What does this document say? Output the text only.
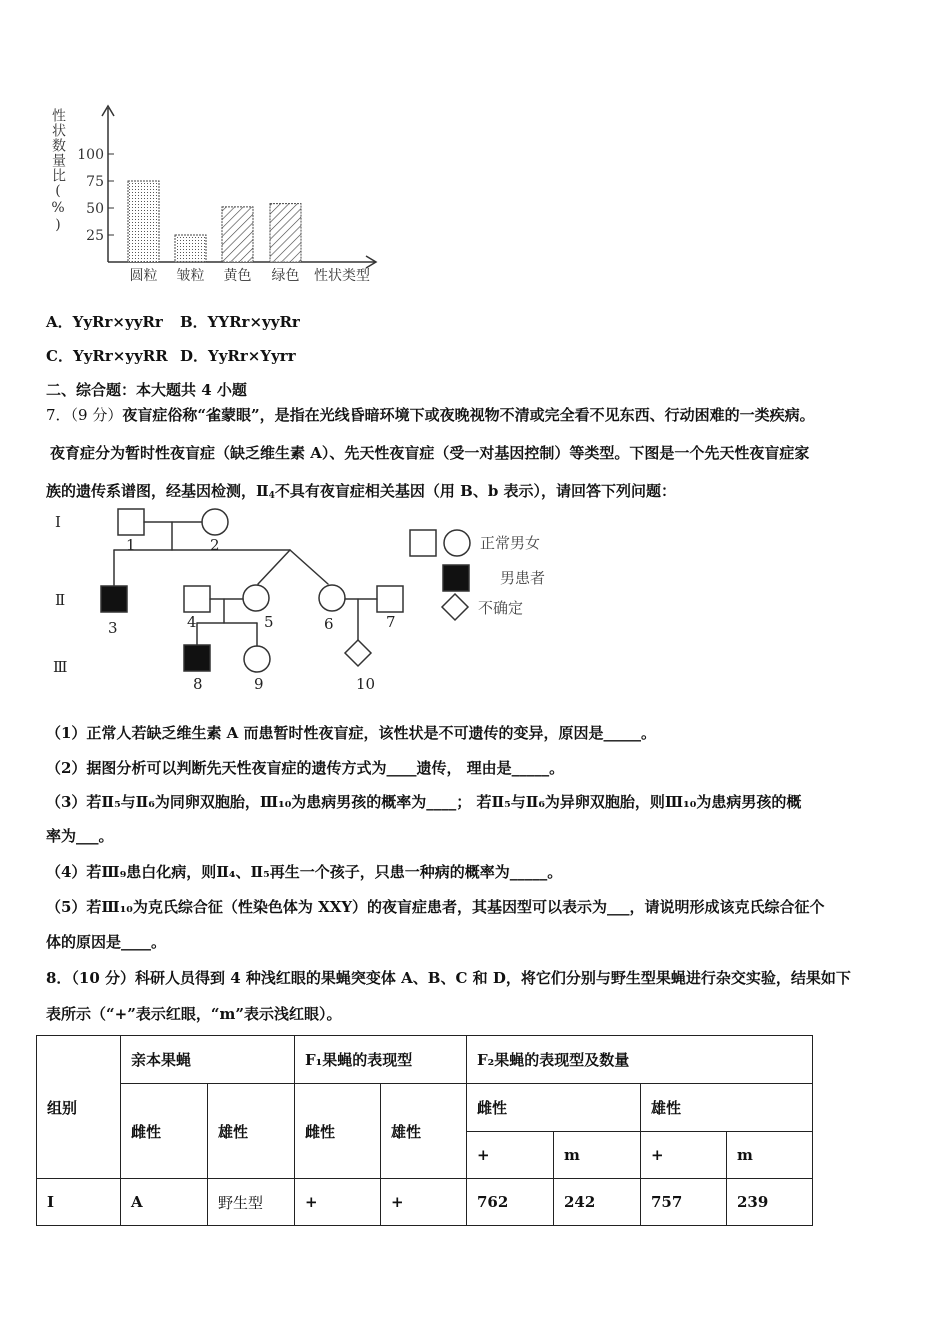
25
50
75
100
圆粒 皱粒 黄色 绿色 性状类型
性状数量比(%)
A．YyRr×yyRr B．YYRr×yyRr
C．YyRr×yyRR D．YyRr×Yyrr
二、综合题：本大题共 4 小题
7．（9 分）夜盲症俗称“雀蒙眼”，是指在光线昏暗环境下或夜晚视物不清或完全看不见东西、行动困难的一类疾病。
夜育症分为暂时性夜盲症（缺乏维生素 A）、先天性夜盲症（受一对基因控制）等类型。下图是一个先天性夜盲症家
族的遗传系谱图，经基因检测，$Ⅱ_4$不具有夜盲症相关基因（用 B、b 表示），请回答下列问题：
Ⅰ
Ⅱ
Ⅲ
1	2
3	4	5	6	7
8	9	10
正常男女
男患者
不确定
（1）正常人若缺乏维生素 A 而患暂时性夜盲症，该性状是不可遗传的变异，原因是_____。
（2）据图分析可以判断先天性夜盲症的遗传方式为____遗传， 理由是_____。
（3）若Ⅱ₅与Ⅱ₆为同卵双胞胎，Ⅲ₁₀为患病男孩的概率为____； 若Ⅱ₅与Ⅱ₆为异卵双胞胎，则Ⅲ₁₀为患病男孩的概
率为___。
（4）若Ⅲ₉患白化病，则Ⅱ₄、Ⅱ₅再生一个孩子，只患一种病的概率为_____。
（5）若Ⅲ₁₀为克氏综合征（性染色体为 XXY）的夜盲症患者，其基因型可以表示为___，请说明形成该克氏综合征个
体的原因是____。
8．（10 分）科研人员得到 4 种浅红眼的果蝇突变体 A、B、C 和 D，将它们分别与野生型果蝇进行杂交实验，结果如下
表所示（“+”表示红眼，“m”表示浅红眼）。
组别	亲本果蝇		F₁果蝇的表现型		F₂果蝇的表现型及数量			
	雌性	雄性	雌性	雄性	雌性		雄性	
					+	m	+	m
I	A	野生型	+	+	762	242	757	239
